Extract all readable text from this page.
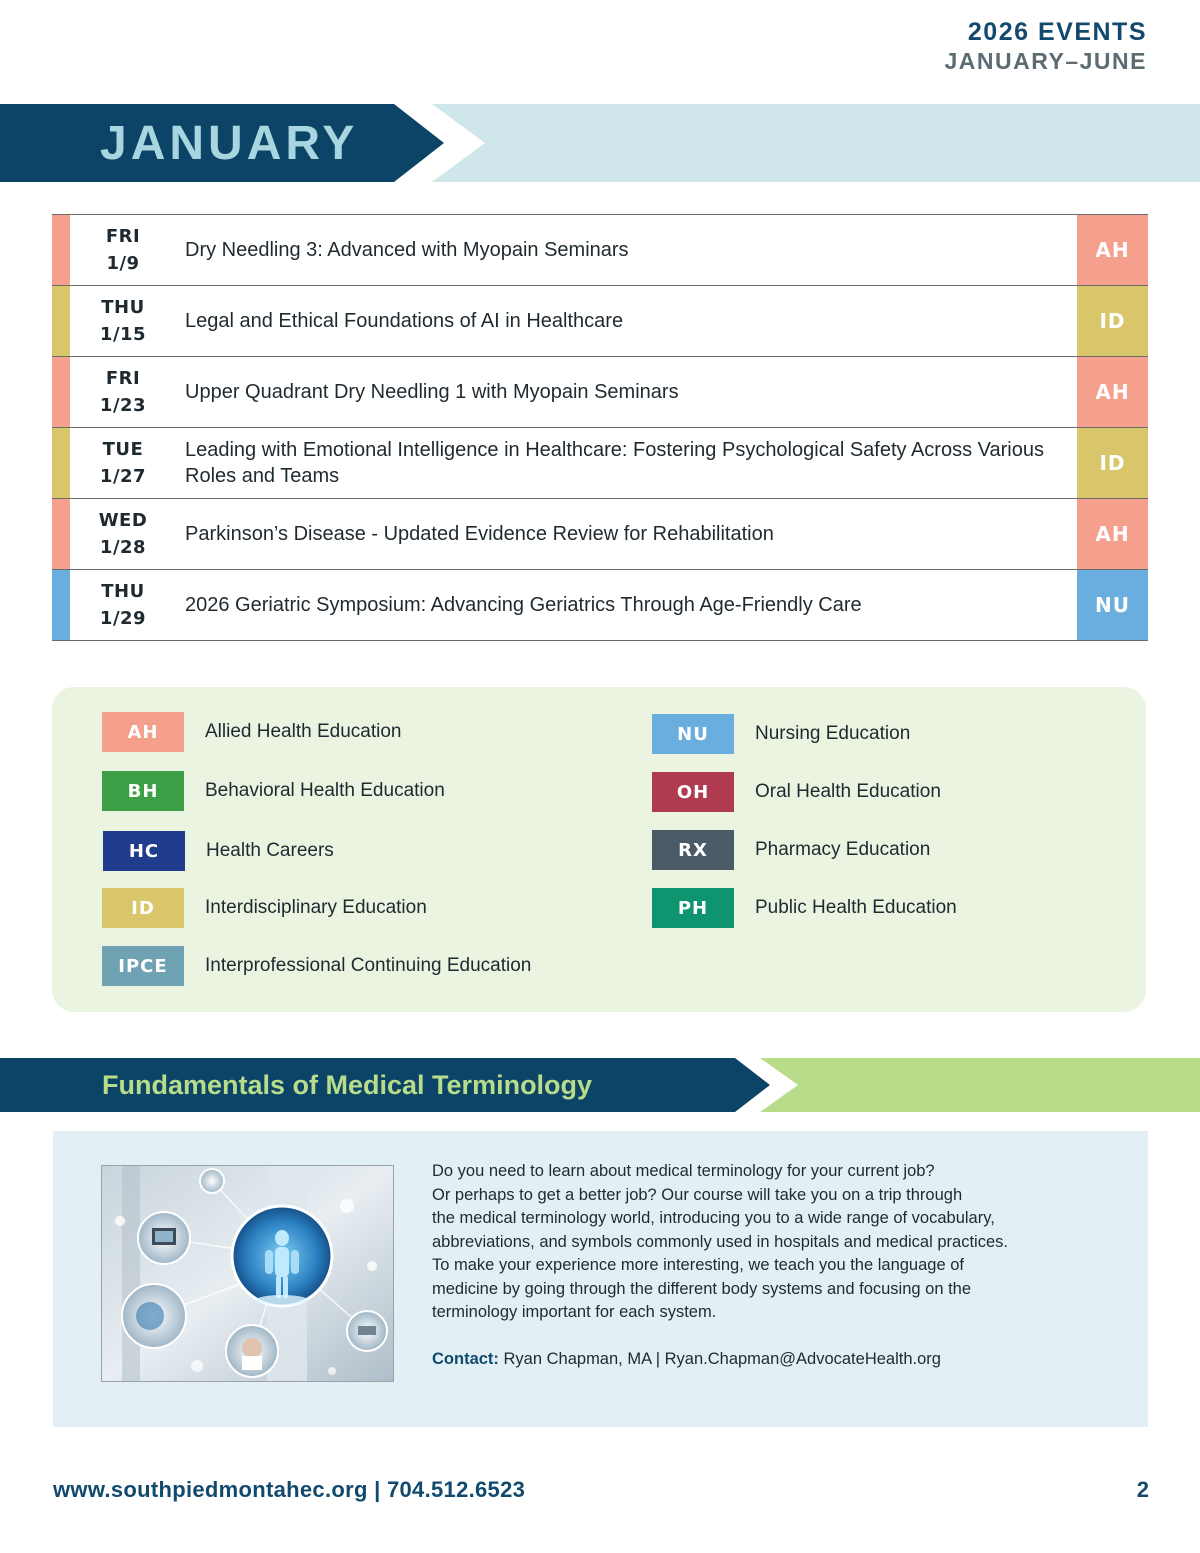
2026 EVENTS
JANUARY–JUNE
JANUARY
FRI
1/9
Dry Needling 3: Advanced with Myopain Seminars	AH
THU
1/15
Legal and Ethical Foundations of AI in Healthcare	ID
FRI
1/23
Upper Quadrant Dry Needling 1 with Myopain Seminars	AH
TUE
1/27
Leading with Emotional Intelligence in Healthcare: Fostering Psychological Safety Across Various Roles and Teams
ID
WED
1/28
Parkinson’s Disease - Updated Evidence Review for Rehabilitation	AH
THU
1/29
2026 Geriatric Symposium: Advancing Geriatrics Through Age-Friendly Care	NU
AH	Allied Health Education
BH	Behavioral Health Education
HC	Health Careers
ID	Interdisciplinary Education
IPCE	Interprofessional Continuing Education
NU	Nursing Education
OH	Oral Health Education
RX	Pharmacy Education
PH	Public Health Education
Fundamentals of Medical Terminology
Do you need to learn about medical terminology for your current job?
Or perhaps to get a better job? Our course will take you on a trip through
the medical terminology world, introducing you to a wide range of vocabulary,
abbreviations, and symbols commonly used in hospitals and medical practices.
To make your experience more interesting, we teach you the language of
medicine by going through the different body systems and focusing on the
terminology important for each system.
Contact: Ryan Chapman, MA | Ryan.Chapman@AdvocateHealth.org
www.southpiedmontahec.org | 704.512.6523	2
